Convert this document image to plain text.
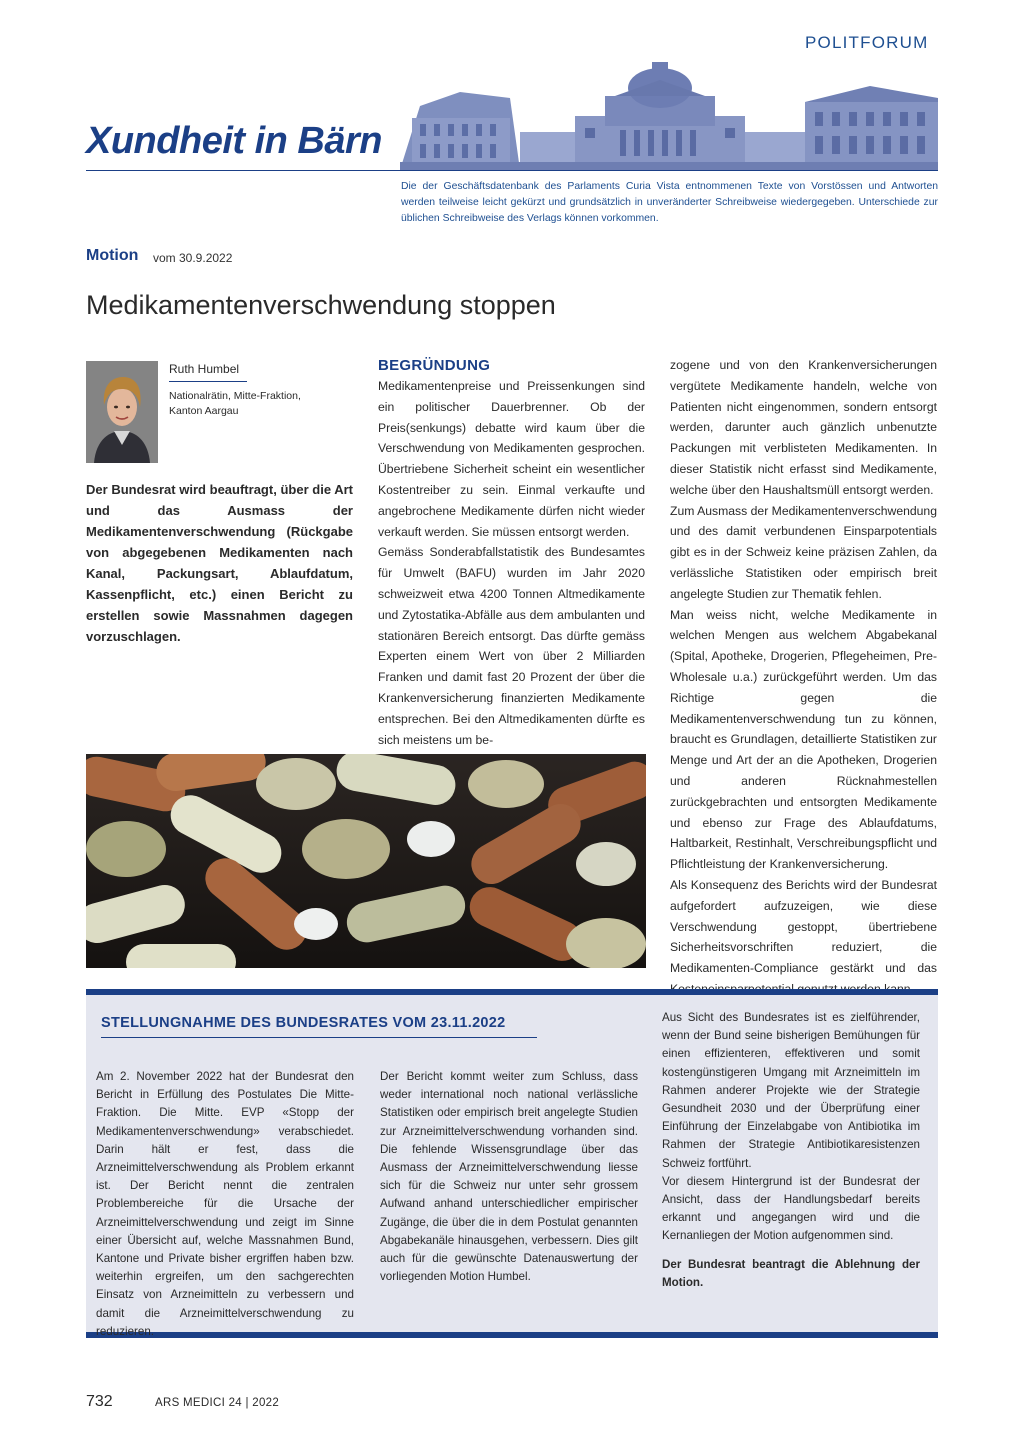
POLITFORUM
Xundheit in Bärn
Die der Geschäftsdatenbank des Parlaments Curia Vista entnommenen Texte von Vorstössen und Antworten werden teilweise leicht gekürzt und grundsätzlich in unveränderter Schreibweise wiedergegeben. Unterschiede zur üblichen Schreibweise des Verlags können vorkommen.
Motion vom 30.9.2022
Medikamentenverschwendung stoppen
Ruth Humbel
Nationalrätin, Mitte-Fraktion,
Kanton Aargau
Der Bundesrat wird beauftragt, über die Art und das Ausmass der Medikamentenverschwendung (Rückgabe von abgegebenen Medikamenten nach Kanal, Packungsart, Ablaufdatum, Kassenpflicht, etc.) einen Bericht zu erstellen sowie Massnahmen dagegen vorzuschlagen.
BEGRÜNDUNG

Medikamentenpreise und Preissenkungen sind ein politischer Dauerbrenner. Ob der Preis(senkungs) debatte wird kaum über die Verschwendung von Medikamenten gesprochen. Übertriebene Sicherheit scheint ein wesentlicher Kostentreiber zu sein. Einmal verkaufte und angebrochene Medikamente dürfen nicht wieder verkauft werden. Sie müssen entsorgt werden.

Gemäss Sonderabfallstatistik des Bundesamtes für Umwelt (BAFU) wurden im Jahr 2020 schweizweit etwa 4200 Tonnen Altmedikamente und Zytostatika-Abfälle aus dem ambulanten und stationären Bereich entsorgt. Das dürfte gemäss Experten einem Wert von über 2 Milliarden Franken und damit fast 20 Prozent der über die Krankenversicherung finanzierten Medikamente entsprechen. Bei den Altmedikamenten dürfte es sich meistens um be-

zogene und von den Krankenversicherungen vergütete Medikamente handeln, welche von Patienten nicht eingenommen, sondern entsorgt werden, darunter auch gänzlich unbenutzte Packungen mit verblisteten Medikamenten. In dieser Statistik nicht erfasst sind Medikamente, welche über den Haushaltsmüll entsorgt werden.

Zum Ausmass der Medikamentenverschwendung und des damit verbundenen Einsparpotentials gibt es in der Schweiz keine präzisen Zahlen, da verlässliche Statistiken oder empirisch breit angelegte Studien zur Thematik fehlen.

Man weiss nicht, welche Medikamente in welchen Mengen aus welchem Abgabekanal (Spital, Apotheke, Drogerien, Pflegeheimen, Pre-Wholesale u.a.) zurückgeführt werden. Um das Richtige gegen die Medikamentenverschwendung tun zu können, braucht es Grundlagen, detaillierte Statistiken zur Menge und Art der an die Apotheken, Drogerien und anderen Rücknahmestellen zurückgebrachten und entsorgten Medikamente und ebenso zur Frage des Ablaufdatums, Haltbarkeit, Restinhalt, Verschreibungspflicht und Pflichtleistung der Krankenversicherung.

Als Konsequenz des Berichts wird der Bundesrat aufgefordert aufzuzeigen, wie diese Verschwendung gestoppt, übertriebene Sicherheitsvorschriften reduziert, die Medikamenten-Compliance gestärkt und das

STELLUNGNAHME DES BUNDESRATES VOM 23.11.2022

Am 2. November 2022 hat der Bundesrat den Bericht in Erfüllung des Postulates Die Mitte-Fraktion. Die Mitte. EVP «Stopp der Medikamentenverschwendung» verabschiedet. Darin hält er fest, dass die Arzneimittelverschwendung als Problem erkannt ist. Der Bericht nennt die zentralen Problembereiche für die Ursache der Arzneimittelverschwendung und zeigt im Sinne einer Übersicht auf, welche Massnahmen Bund, Kantone und Private bisher ergriffen haben bzw. weiterhin ergreifen, um den sachgerechten Einsatz von Arzneimitteln zu verbessern und damit die Arzneimittelverschwendung zu reduzieren.

Der Bericht kommt weiter zum Schluss, dass weder international noch national verlässliche Statistiken oder empirisch breit angelegte Studien zur Arzneimittelverschwendung vorhanden sind. Die fehlende Wissensgrundlage über das Ausmass der Arzneimittelverschwendung liesse sich für die Schweiz nur unter sehr grossem Aufwand anhand unterschiedlicher empirischer Zugänge, die über die in dem Postulat genannten Abgabekanäle hinausgehen, verbessern. Dies gilt auch für die gewünschte Datenauswertung der vorliegenden Motion Humbel.

Aus Sicht des Bundesrates ist es zielführender, wenn der Bund seine bisherigen Bemühungen für einen effizienteren, effektiveren und somit kostengünstigeren Umgang mit Arzneimitteln im Rahmen anderer Projekte wie der Strategie Gesundheit 2030 und der Überprüfung einer Einführung der Einzelabgabe von Antibiotika im Rahmen der Strategie Antibiotikaresistenzen Schweiz fortführt.

Vor diesem Hintergrund ist der Bundesrat der Ansicht, dass der Handlungsbedarf bereits erkannt und angegangen wird und die Kernanliegen der Motion aufgenommen sind.

Der Bundesrat beantragt die Ablehnung der Motion.

732	ARS MEDICI 24 | 2022
